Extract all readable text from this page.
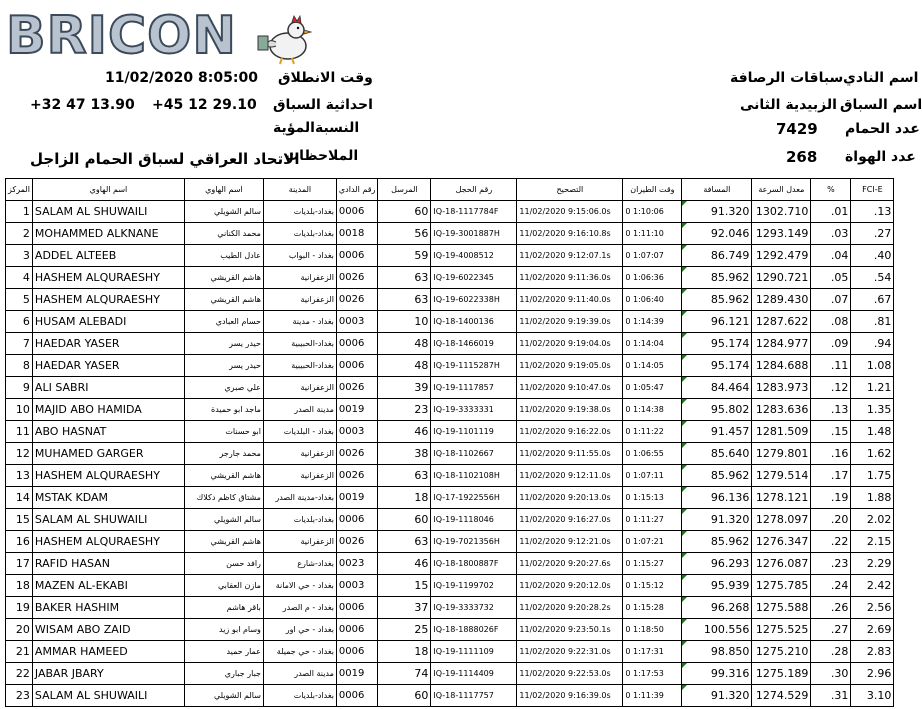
BRICON
11/02/2020 8:05:00 وقت الانطلاق
+32 47 13.90 +45 12 29.10 احداثية السباق
النسبةالمؤية
الاتحاد العراقي لسباق الحمام الزاجل
الملاحظات
سباقات الرصافة اسم النادي
الزبيدية الثانى اسم السباق
7429 عدد الحمام
268 عدد الهواة
المركز	اسم الهاوي	اسم الهاوي	المدينة	رقم الدادي	المرسل	رقم الحجل	التصحيح	وقت الطيران	المسافة	معدل السرعة	%	FCI-E
1	SALAM AL SHUWAILI	سالم الشويلي	بغداد-بلديات	0006	60	IQ-18-1117784F	11/02/2020 9:15:06.0s	0 1:10:06	91.320	1302.710	.01	.13
2	MOHAMMED ALKNANE	محمد الكناني	بغداد-بلديات	0018	56	IQ-19-3001887H	11/02/2020 9:16:10.8s	0 1:11:10	92.046	1293.149	.03	.27
3	ADDEL ALTEEB	عادل الطيب	بغداد - البواب	0006	59	IQ-19-4008512	11/02/2020 9:12:07.1s	0 1:07:07	86.749	1292.479	.04	.40
4	HASHEM ALQURAESHY	هاشم القريشي	الزعفرانية	0026	63	IQ-19-6022345	11/02/2020 9:11:36.0s	0 1:06:36	85.962	1290.721	.05	.54
5	HASHEM ALQURAESHY	هاشم القريشي	الزعفرانية	0026	63	IQ-19-6022338H	11/02/2020 9:11:40.0s	0 1:06:40	85.962	1289.430	.07	.67
6	HUSAM ALEBADI	حسام العبادي	بغداد - مدينة	0003	10	IQ-18-1400136	11/02/2020 9:19:39.0s	0 1:14:39	96.121	1287.622	.08	.81
7	HAEDAR YASER	حيدر يسر	بغداد-الحبيبية	0006	48	IQ-18-1466019	11/02/2020 9:19:04.0s	0 1:14:04	95.174	1284.977	.09	.94
8	HAEDAR YASER	حيدر يسر	بغداد-الحبيبية	0006	48	IQ-19-1115287H	11/02/2020 9:19:05.0s	0 1:14:05	95.174	1284.688	.11	1.08
9	ALI SABRI	علي صبري	الزعفرانية	0026	39	IQ-19-1117857	11/02/2020 9:10:47.0s	0 1:05:47	84.464	1283.973	.12	1.21
10	MAJID ABO HAMIDA	ماجد ابو حميدة	مدينة الصدر	0019	23	IQ-19-3333331	11/02/2020 9:19:38.0s	0 1:14:38	95.802	1283.636	.13	1.35
11	ABO HASNAT	ابو حسنات	بغداد - البلديات	0003	46	IQ-19-1101119	11/02/2020 9:16:22.0s	0 1:11:22	91.457	1281.509	.15	1.48
12	MUHAMED GARGER	محمد جارجر	الزعفرانية	0026	38	IQ-18-1102667	11/02/2020 9:11:55.0s	0 1:06:55	85.640	1279.801	.16	1.62
13	HASHEM ALQURAESHY	هاشم القريشي	الزعفرانية	0026	63	IQ-18-1102108H	11/02/2020 9:12:11.0s	0 1:07:11	85.962	1279.514	.17	1.75
14	MSTAK KDAM	مشتاق كاظم دكلاك	بغداد-مدينة الصدر	0019	18	IQ-17-1922556H	11/02/2020 9:20:13.0s	0 1:15:13	96.136	1278.121	.19	1.88
15	SALAM AL SHUWAILI	سالم الشويلي	بغداد-بلديات	0006	60	IQ-19-1118046	11/02/2020 9:16:27.0s	0 1:11:27	91.320	1278.097	.20	2.02
16	HASHEM ALQURAESHY	هاشم القريشي	الزعفرانية	0026	63	IQ-19-7021356H	11/02/2020 9:12:21.0s	0 1:07:21	85.962	1276.347	.22	2.15
17	RAFID HASAN	رافد حسن	بغداد-شارع	0023	46	IQ-18-1800887F	11/02/2020 9:20:27.6s	0 1:15:27	96.293	1276.087	.23	2.29
18	MAZEN AL-EKABI	مازن العقابي	بغداد - حي الامانة	0003	15	IQ-19-1199702	11/02/2020 9:20:12.0s	0 1:15:12	95.939	1275.785	.24	2.42
19	BAKER HASHIM	باقر هاشم	بغداد - م الصدر	0006	37	IQ-19-3333732	11/02/2020 9:20:28.2s	0 1:15:28	96.268	1275.588	.26	2.56
20	WISAM ABO ZAID	وسام ابو زيد	بغداد - حي اور	0006	25	IQ-18-1888026F	11/02/2020 9:23:50.1s	0 1:18:50	100.556	1275.525	.27	2.69
21	AMMAR HAMEED	عمار حميد	بغداد - حي جميلة	0006	18	IQ-19-1111109	11/02/2020 9:22:31.0s	0 1:17:31	98.850	1275.210	.28	2.83
22	JABAR JBARY	جبار جباري	مدينة الصدر	0019	74	IQ-19-1114409	11/02/2020 9:22:53.0s	0 1:17:53	99.316	1275.189	.30	2.96
23	SALAM AL SHUWAILI	سالم الشويلي	بغداد-بلديات	0006	60	IQ-18-1117757	11/02/2020 9:16:39.0s	0 1:11:39	91.320	1274.529	.31	3.10
